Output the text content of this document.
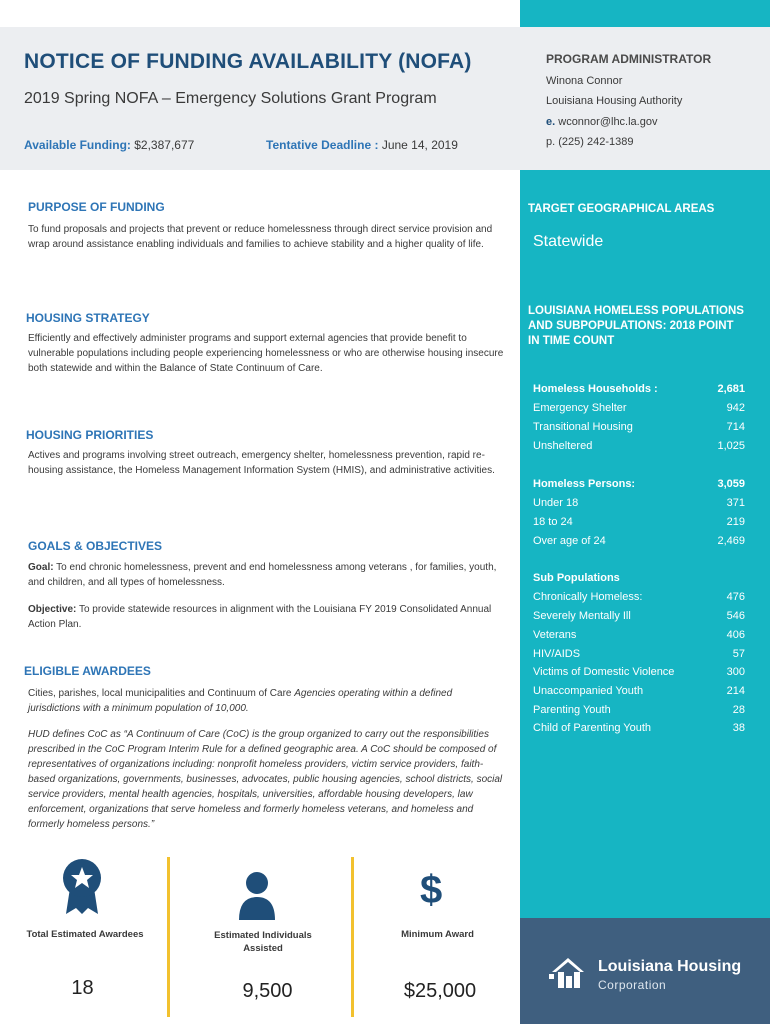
NOTICE OF FUNDING AVAILABILITY (NOFA)
2019 Spring NOFA – Emergency Solutions Grant Program
Available Funding: $2,387,677	Tentative Deadline : June 14, 2019
PROGRAM ADMINISTRATOR
Winona Connor
Louisiana Housing Authority
e. wconnor@lhc.la.gov
p. (225) 242-1389
TARGET GEOGRAPHICAL AREAS
Statewide
LOUISIANA HOMELESS POPULATIONS
AND SUBPOPULATIONS: 2018 POINT
IN TIME COUNT
Homeless Households :	2,681
Emergency Shelter	942
Transitional Housing	714
Unsheltered	1,025
Homeless Persons:	3,059
Under 18	371
18 to 24	219
Over age of 24	2,469
Sub Populations
Chronically Homeless:	476
Severely Mentally Ill	546
Veterans	406
HIV/AIDS	57
Victims of Domestic Violence	300
Unaccompanied Youth	214
Parenting Youth	28
Child of Parenting Youth	38
Louisiana Housing
Corporation
PURPOSE OF FUNDING
To fund proposals and projects that prevent or reduce homelessness through direct service provision and wrap around assistance enabling individuals and families to achieve stability and a higher quality of life.
HOUSING STRATEGY
Efficiently and effectively administer programs and support external agencies that provide benefit to vulnerable populations including people experiencing homelessness or who are otherwise housing insecure both statewide and within the Balance of State Continuum of Care.
HOUSING PRIORITIES
Actives and programs involving street outreach, emergency shelter, homelessness prevention, rapid re-housing assistance, the Homeless Management Information System (HMIS), and administrative activities.
GOALS & OBJECTIVES
Goal: To end chronic homelessness, prevent and end homelessness among veterans , for families, youth, and children, and all types of homelessness.
Objective: To provide statewide resources in alignment with the Louisiana FY 2019 Consolidated Annual Action Plan.
ELIGIBLE AWARDEES
Cities, parishes, local municipalities and Continuum of Care Agencies operating within a defined jurisdictions with a minimum population of 10,000.
HUD defines CoC as “A Continuum of Care (CoC) is the group organized to carry out the responsibilities prescribed in the CoC Program Interim Rule for a defined geographic area. A CoC should be composed of representatives of organizations including: nonprofit homeless providers, victim service providers, faith-based organizations, governments, businesses, advocates, public housing agencies, school districts, social service providers, mental health agencies, hospitals, universities, affordable housing developers, law enforcement, organizations that serve homeless and formerly homeless veterans, and homeless and formerly homeless persons.”
Total Estimated Awardees
18
Estimated Individuals Assisted
9,500
$
Minimum Award
$25,000
